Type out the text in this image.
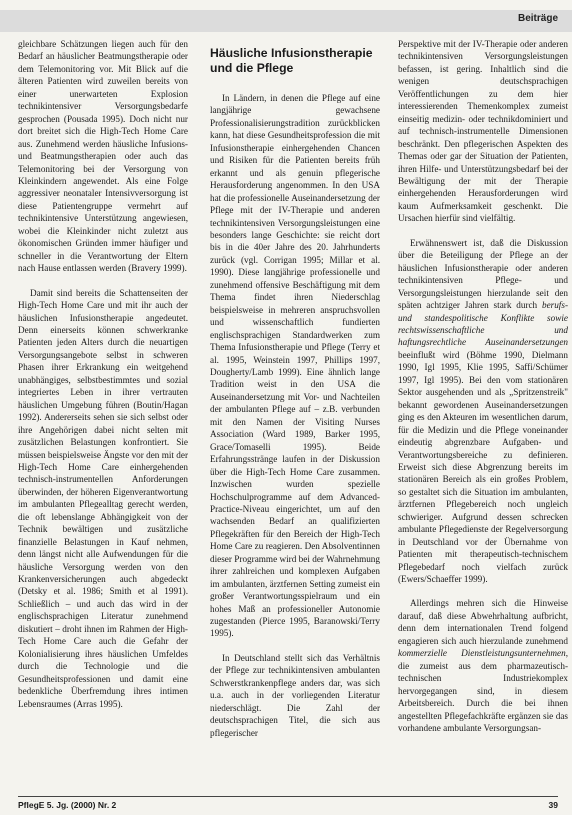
Beiträge

gleichbare Schätzungen liegen auch für den Bedarf an häuslicher Beatmungstherapie oder dem Telemonitoring vor. Mit Blick auf die älteren Patienten wird zuweilen bereits von einer unerwarteten Explosion technikintensiver Versorgungsbedarfe gesprochen (Pousada 1995). Doch nicht nur dort breitet sich die High-Tech Home Care aus. Zunehmend werden häusliche Infusions- und Beatmungstherapien oder auch das Telemonitoring bei der Versorgung von Kleinkindern angewendet. Als eine Folge aggressiver neonataler Intensivversorgung ist diese Patientengruppe vermehrt auf technikintensive Unterstützung angewiesen, wobei die Kleinkinder nicht zuletzt aus ökonomischen Gründen immer häufiger und schneller in die Verantwortung der Eltern nach Hause entlassen werden (Bravery 1999).

Damit sind bereits die Schattenseiten der High-Tech Home Care und mit ihr auch der häuslichen Infusionstherapie angedeutet. Denn einerseits können schwerkranke Patienten jeden Alters durch die neuartigen Versorgungsangebote selbst in schweren Phasen ihrer Erkrankung ein weitgehend unabhängiges, selbstbestimmtes und sozial integriertes Leben in ihrer vertrauten häuslichen Umgebung führen (Boutin/Hagan 1992). Andererseits sehen sie sich selbst oder ihre Angehörigen dabei nicht selten mit zusätzlichen Belastungen konfrontiert. Sie müssen beispielsweise Ängste vor den mit der High-Tech Home Care einhergehenden technisch-instrumentellen Anforderungen überwinden, der höheren Eigenverantwortung im ambulanten Pflegealltag gerecht werden, die oft lebenslange Abhängigkeit von der Technik bewältigen und zusätzliche finanzielle Belastungen in Kauf nehmen, denn längst nicht alle Aufwendungen für die häusliche Versorgung werden von den Krankenversicherungen auch abgedeckt (Detsky et al. 1986; Smith et al 1991). Schließlich – und auch das wird in der englischsprachigen Literatur zunehmend diskutiert – droht ihnen im Rahmen der High-Tech Home Care auch die Gefahr der Kolonialisierung ihres häuslichen Umfeldes durch die Technologie und die Gesundheitsprofessionen und damit eine bedenkliche Überfremdung ihres intimen Lebensraumes (Arras 1995).

Häusliche Infusionstherapie und die Pflege

In Ländern, in denen die Pflege auf eine langjährige gewachsene Professionalisierungstradition zurückblicken kann, hat diese Gesundheitsprofession die mit Infusionstherapie einhergehenden Chancen und Risiken für die Patienten bereits früh erkannt und als genuin pflegerische Herausforderung angenommen. In den USA hat die professionelle Auseinandersetzung der Pflege mit der IV-Therapie und anderen technikintensiven Versorgungsleistungen eine besonders lange Geschichte: sie reicht dort bis in die 40er Jahre des 20. Jahrhunderts zurück (vgl. Corrigan 1995; Millar et al. 1990). Diese langjährige professionelle und zunehmend offensive Beschäftigung mit dem Thema findet ihren Niederschlag beispielsweise in mehreren anspruchsvollen und wissenschaftlich fundierten englischsprachigen Standardwerken zum Thema Infusionstherapie und Pflege (Terry et al. 1995, Weinstein 1997, Phillips 1997, Dougherty/Lamb 1999). Eine ähnlich lange Tradition weist in den USA die Auseinandersetzung mit Vor- und Nachteilen der ambulanten Pflege auf – z.B. verbunden mit den Namen der Visiting Nurses Association (Ward 1989, Barker 1995, Grace/Tomaselli 1995). Beide Erfahrungsstränge laufen in der Diskussion über die High-Tech Home Care zusammen. Inzwischen wurden spezielle Hochschulprogramme auf dem Advanced-Practice-Niveau eingerichtet, um auf den wachsenden Bedarf an qualifizierten Pflegekräften für den Bereich der High-Tech Home Care zu reagieren. Den Absolventinnen dieser Programme wird bei der Wahrnehmung ihrer zahlreichen und komplexen Aufgaben im ambulanten, ärztfernen Setting zumeist ein großer Verantwortungsspielraum und ein hohes Maß an professioneller Autonomie zugestanden (Pierce 1995, Baranowski/Terry 1995).

In Deutschland stellt sich das Verhältnis der Pflege zur technikintensiven ambulanten Schwerstkrankenpflege anders dar, was sich u.a. auch in der vorliegenden Literatur niederschlägt. Die Zahl der deutschsprachigen Titel, die sich aus pflegerischer

Perspektive mit der IV-Therapie oder anderen technikintensiven Versorgungsleistungen befassen, ist gering. Inhaltlich sind die wenigen deutschsprachigen Veröffentlichungen zu dem hier interessierenden Themenkomplex zumeist einseitig medizin- oder technikdominiert und auf technisch-instrumentelle Dimensionen beschränkt. Den pflegerischen Aspekten des Themas oder gar der Situation der Patienten, ihren Hilfe- und Unterstützungsbedarf bei der Bewältigung der mit der Therapie einhergehenden Herausforderungen wird kaum Aufmerksamkeit geschenkt. Die Ursachen hierfür sind vielfältig.

Erwähnenswert ist, daß die Diskussion über die Beteiligung der Pflege an der häuslichen Infusionstherapie oder anderen technikintensiven Pflege- und Versorgungsleistungen hierzulande seit den späten achtziger Jahren stark durch berufs- und standespolitische Konflikte sowie rechtswissenschaftliche und haftungsrechtliche Auseinandersetzungen beeinflußt wird (Böhme 1990, Dielmann 1990, Igl 1995, Klie 1995, Saffi/Schümer 1997, Igl 1995). Bei den vom stationären Sektor ausgehenden und als „Spritzenstreik" bekannt gewordenen Auseinandersetzungen ging es den Akteuren im wesentlichen darum, für die Medizin und die Pflege voneinander eindeutig abgrenzbare Aufgaben- und Verantwortungsbereiche zu definieren. Erweist sich diese Abgrenzung bereits im stationären Bereich als ein großes Problem, so gestaltet sich die Situation im ambulanten, ärztfernen Pflegebereich noch ungleich schwieriger. Aufgrund dessen schrecken ambulante Pflegedienste der Regelversorgung in Deutschland vor der Übernahme von Patienten mit therapeutisch-technischem Pflegebedarf noch vielfach zurück (Ewers/Schaeffer 1999).

Allerdings mehren sich die Hinweise darauf, daß diese Abwehrhaltung aufbricht, denn dem internationalen Trend folgend engagieren sich auch hierzulande zunehmend kommerzielle Dienstleistungsunternehmen, die zumeist aus dem pharmazeutisch-technischen Industriekomplex hervorgegangen sind, in diesem Arbeitsbereich. Durch die bei ihnen angestellten Pflegefachkräfte ergänzen sie das vorhandene ambulante Versorgungsan-

PflegE 5. Jg. (2000) Nr. 2	39
